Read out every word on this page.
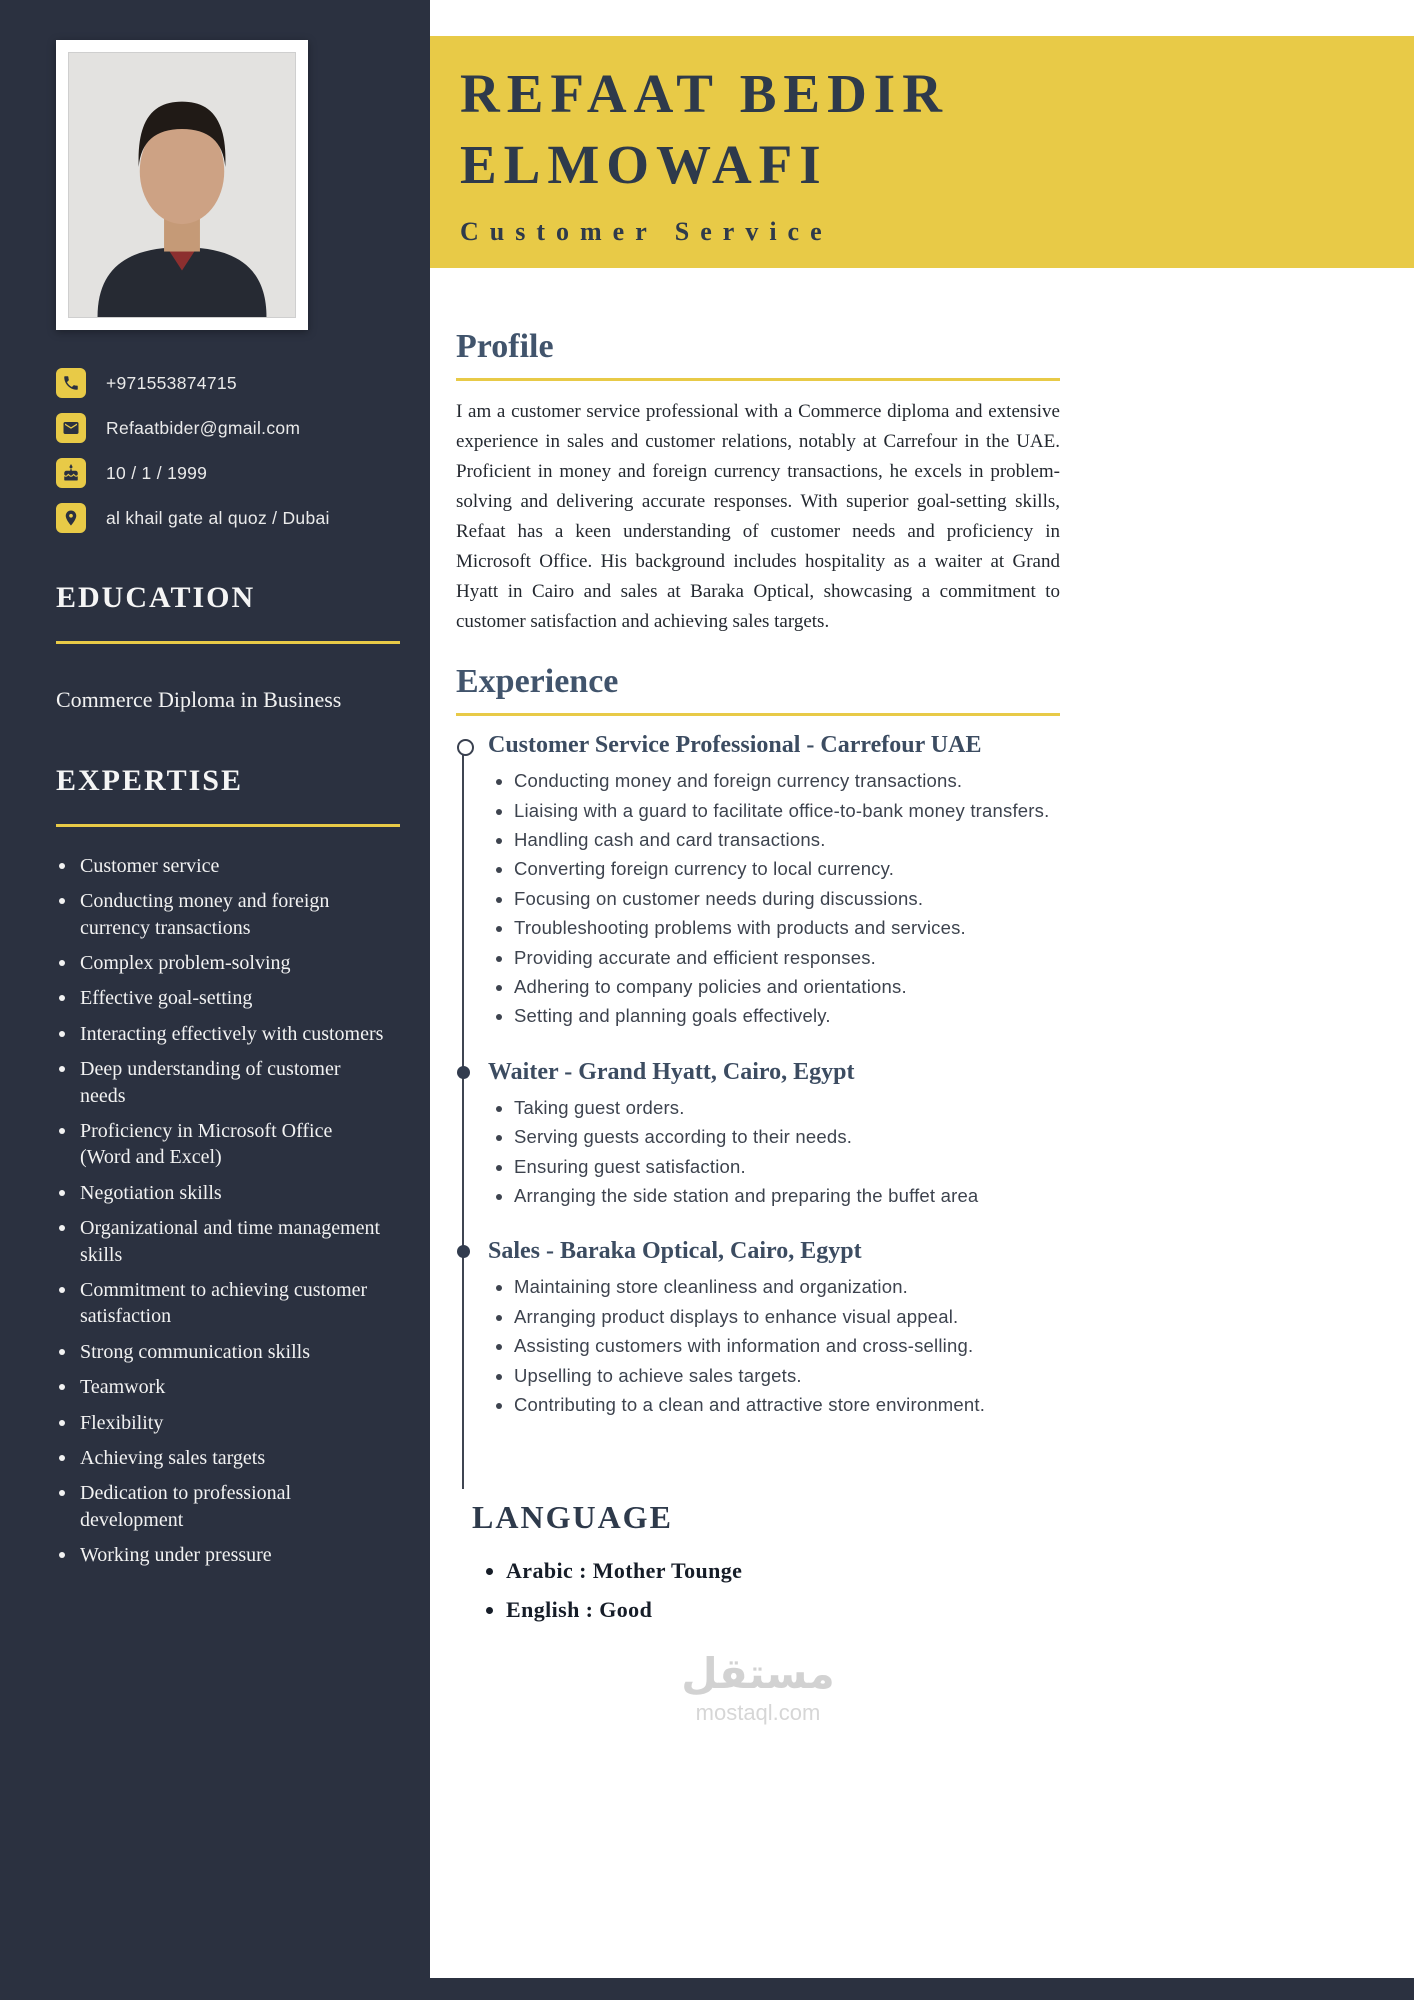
+971553874715
Refaatbider@gmail.com
10 / 1 / 1999
al khail gate al quoz / Dubai
EDUCATION
Commerce Diploma in Business
EXPERTISE
Customer service
Conducting money and foreign currency transactions
Complex problem-solving
Effective goal-setting
Interacting effectively with customers
Deep understanding of customer needs
Proficiency in Microsoft Office (Word and Excel)
Negotiation skills
Organizational and time management skills
Commitment to achieving customer satisfaction
Strong communication skills
Teamwork
Flexibility
Achieving sales targets
Dedication to professional development
Working under pressure
REFAAT BEDIR
ELMOWAFI
Customer Service
Profile

I am a customer service professional with a Commerce diploma and extensive experience in sales and customer relations, notably at Carrefour in the UAE. Proficient in money and foreign currency transactions, he excels in problem-solving and delivering accurate responses. With superior goal-setting skills, Refaat has a keen understanding of customer needs and proficiency in Microsoft Office. His background includes hospitality as a waiter at Grand Hyatt in Cairo and sales at Baraka Optical, showcasing a commitment to customer satisfaction and achieving sales targets.

Experience
Customer Service Professional - Carrefour UAE
• Conducting money and foreign currency transactions.
• Liaising with a guard to facilitate office-to-bank money transfers.
• Handling cash and card transactions.
• Converting foreign currency to local currency.
• Focusing on customer needs during discussions.
• Troubleshooting problems with products and services.
• Providing accurate and efficient responses.
• Adhering to company policies and orientations.
• Setting and planning goals effectively.
Waiter - Grand Hyatt, Cairo, Egypt
• Taking guest orders.
• Serving guests according to their needs.
• Ensuring guest satisfaction.
• Arranging the side station and preparing the buffet area
Sales - Baraka Optical, Cairo, Egypt
• Maintaining store cleanliness and organization.
• Arranging product displays to enhance visual appeal.
• Assisting customers with information and cross-selling.
• Upselling to achieve sales targets.
• Contributing to a clean and attractive store environment.
LANGUAGE
• Arabic : Mother Tounge
• English : Good
مستقل
mostaql.com
